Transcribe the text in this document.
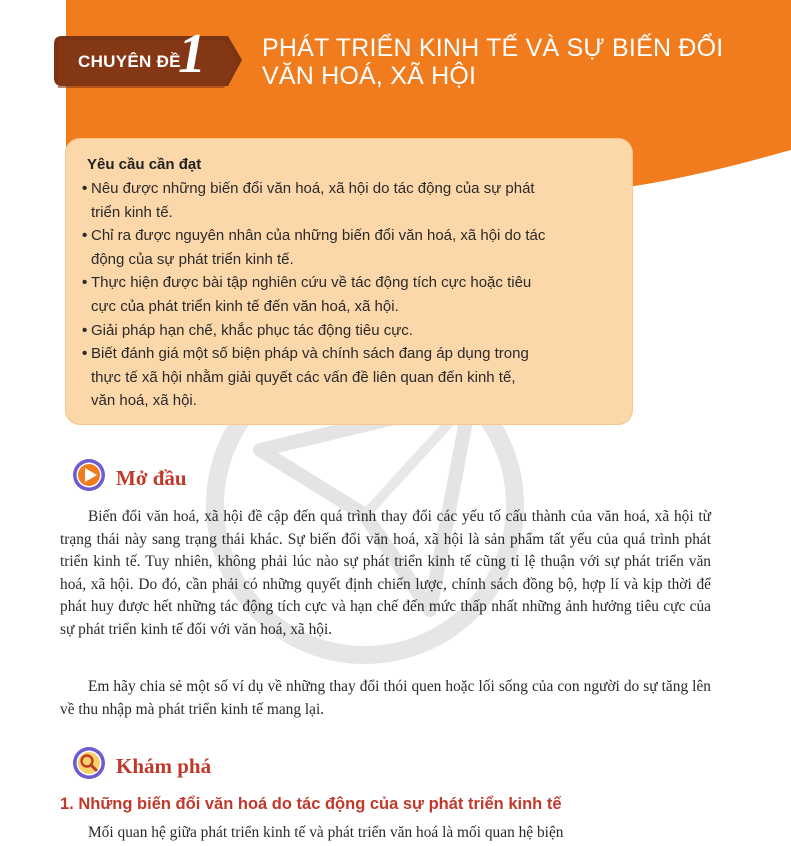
CHUYÊN ĐỀ
1 PHÁT TRIỂN KINH TẾ VÀ SỰ BIẾN ĐỔI
VĂN HOÁ, XÃ HỘI
Yêu cầu cần đạt
• Nêu được những biến đổi văn hoá, xã hội do tác động của sự phát
triển kinh tế.
• Chỉ ra được nguyên nhân của những biến đổi văn hoá, xã hội do tác
động của sự phát triển kinh tế.
• Thực hiện được bài tập nghiên cứu về tác động tích cực hoặc tiêu
cực của phát triển kinh tế đến văn hoá, xã hội.
• Giải pháp hạn chế, khắc phục tác động tiêu cực.
• Biết đánh giá một số biện pháp và chính sách đang áp dụng trong
thực tế xã hội nhằm giải quyết các vấn đề liên quan đến kinh tế,
văn hoá, xã hội.
Mở đầu

Biến đổi văn hoá, xã hội đề cập đến quá trình thay đổi các yếu tố cấu thành của văn hoá, xã hội từ trạng thái này sang trạng thái khác. Sự biến đổi văn hoá, xã hội là sản phẩm tất yếu của quá trình phát triển kinh tế. Tuy nhiên, không phải lúc nào sự phát triển kinh tế cũng tỉ lệ thuận với sự phát triển văn hoá, xã hội. Do đó, cần phải có những quyết định chiến lược, chính sách đồng bộ, hợp lí và kịp thời để phát huy được hết những tác động tích cực và hạn chế đến mức thấp nhất những ảnh hưởng tiêu cực của sự phát triển kinh tế đối với văn hoá, xã hội.

Em hãy chia sẻ một số ví dụ về những thay đổi thói quen hoặc lối sống của con người do sự tăng lên về thu nhập mà phát triển kinh tế mang lại.

Khám phá
1. Những biến đổi văn hoá do tác động của sự phát triển kinh tế

Mối quan hệ giữa phát triển kinh tế và phát triển văn hoá là mối quan hệ biện
